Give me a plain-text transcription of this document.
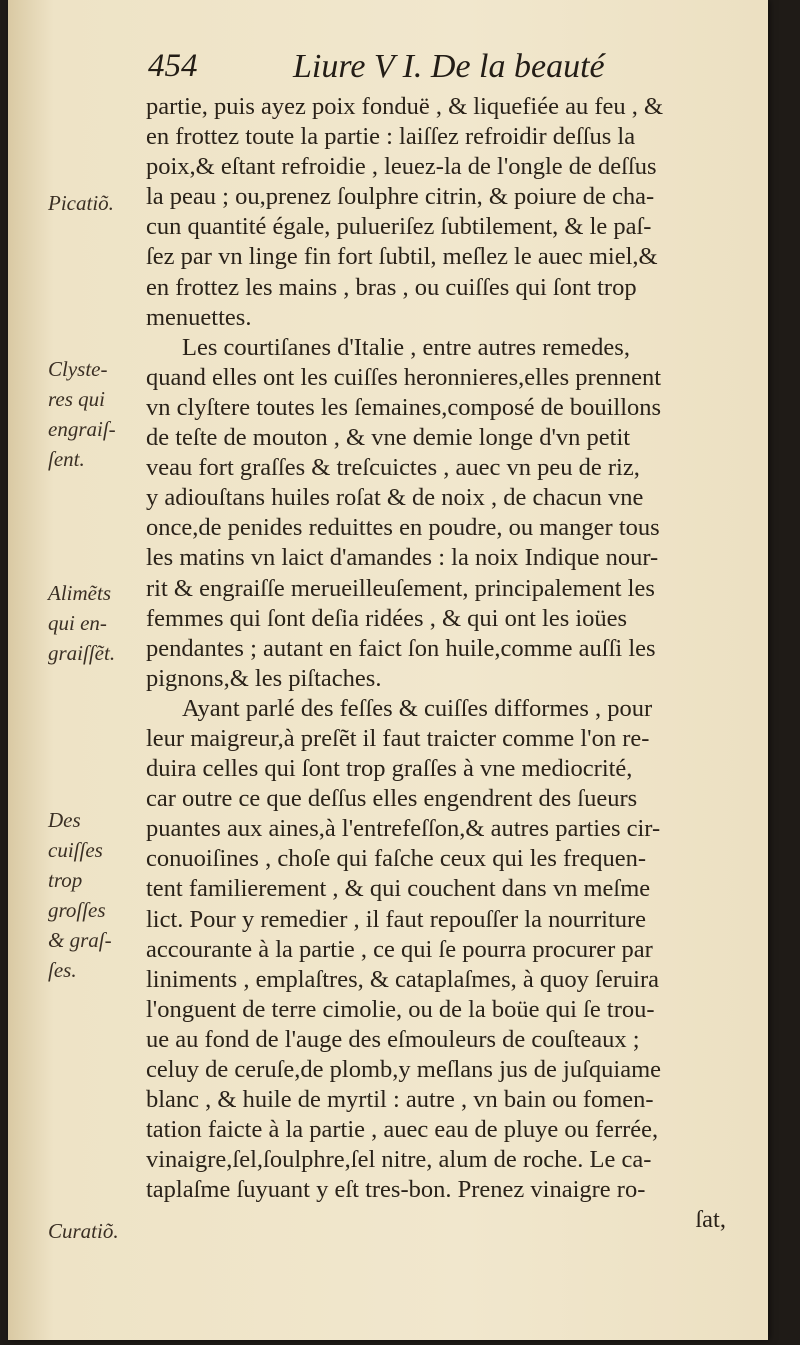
454	Liure V I. De la beauté
Picatiõ.
Clyste-
res qui
engraiſ-
ſent.
Alimẽts
qui en-
graiſſẽt.
Des
cuiſſes
trop
groſſes
& graſ-
ſes.
Curatiõ.
partie, puis ayez poix fonduë , & liquefiée au feu , &
en frottez toute la partie : laiſſez refroidir deſſus la
poix,& eſtant refroidie , leuez-la de l'ongle de deſſus
la peau ; ou,prenez ſoulphre citrin, & poiure de cha-
cun quantité égale, pulueriſez ſubtilement, & le paſ-
ſez par vn linge fin fort ſubtil, meſlez le auec miel,&
en frottez les mains , bras , ou cuiſſes qui ſont trop
menuettes.
Les courtiſanes d'Italie , entre autres remedes,
quand elles ont les cuiſſes heronnieres,elles prennent
vn clyſtere toutes les ſemaines,composé de bouillons
de teſte de mouton , & vne demie longe d'vn petit
veau fort graſſes & treſcuictes , auec vn peu de riz,
y adiouſtans huiles roſat & de noix , de chacun vne
once,de penides reduittes en poudre, ou manger tous
les matins vn laict d'amandes : la noix Indique nour-
rit & engraiſſe merueilleuſement, principalement les
femmes qui ſont deſia ridées , & qui ont les ioües
pendantes ; autant en faict ſon huile,comme auſſi les
pignons,& les piſtaches.
Ayant parlé des feſſes & cuiſſes difformes , pour
leur maigreur,à preſẽt il faut traicter comme l'on re-
duira celles qui ſont trop graſſes à vne mediocrité,
car outre ce que deſſus elles engendrent des ſueurs
puantes aux aines,à l'entrefeſſon,& autres parties cir-
conuoiſines , choſe qui faſche ceux qui les frequen-
tent familierement , & qui couchent dans vn meſme
lict. Pour y remedier , il faut repouſſer la nourriture
accourante à la partie , ce qui ſe pourra procurer par
liniments , emplaſtres, & cataplaſmes, à quoy ſeruira
l'onguent de terre cimolie, ou de la boüe qui ſe trou-
ue au fond de l'auge des eſmouleurs de couſteaux ;
celuy de ceruſe,de plomb,y meſlans jus de juſquiame
blanc , & huile de myrtil : autre , vn bain ou fomen-
tation faicte à la partie , auec eau de pluye ou ferrée,
vinaigre,ſel,ſoulphre,ſel nitre, alum de roche. Le ca-
taplaſme ſuyuant y eſt tres-bon. Prenez vinaigre ro-
ſat,
